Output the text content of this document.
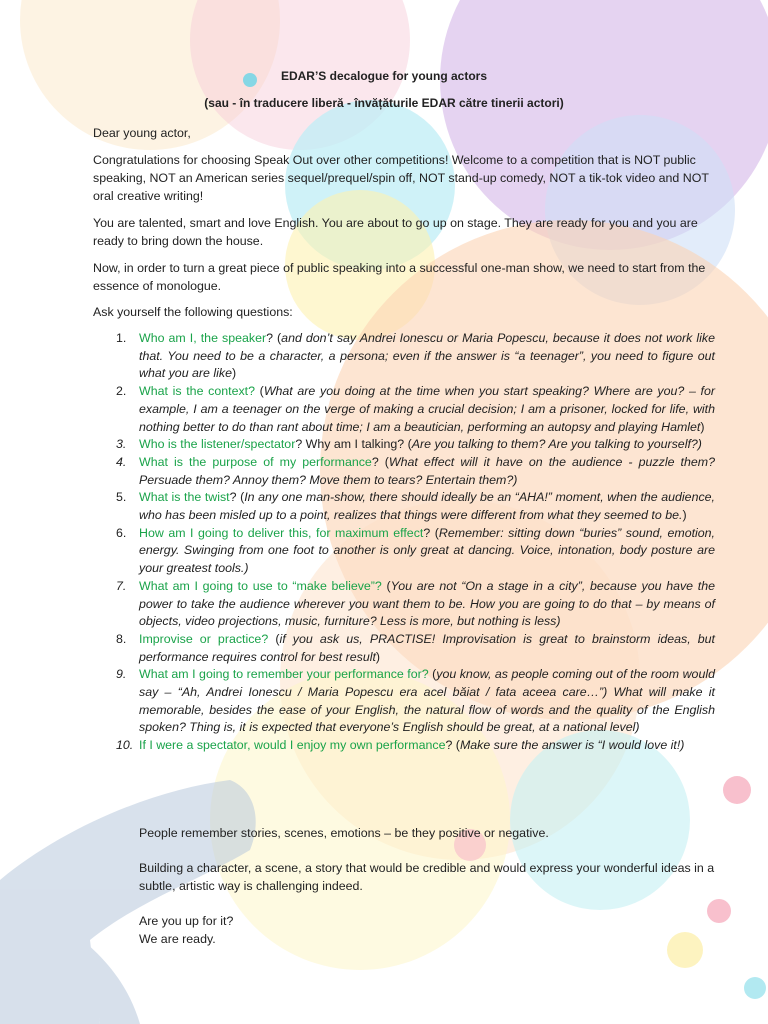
EDAR’S decalogue for young actors
(sau - în traducere liberă - învățăturile EDAR către tinerii actori)
Dear young actor,
Congratulations for choosing Speak Out over other competitions! Welcome to a competition that is NOT public speaking, NOT an American series sequel/prequel/spin off, NOT stand-up comedy, NOT a tik-tok video and NOT oral creative writing!
You are talented, smart and love English. You are about to go up on stage. They are ready for you and you are ready to bring down the house.
Now, in order to turn a great piece of public speaking into a successful one-man show, we need to start from the essence of monologue.
Ask yourself the following questions:
1. Who am I, the speaker? (and don’t say Andrei Ionescu or Maria Popescu, because it does not work like that. You need to be a character, a persona; even if the answer is “a teenager”, you need to figure out what you are like)
2. What is the context? (What are you doing at the time when you start speaking? Where are you? – for example, I am a teenager on the verge of making a crucial decision; I am a prisoner, locked for life, with nothing better to do than rant about time; I am a beautician, performing an autopsy and playing Hamlet)
3. Who is the listener/spectator? Why am I talking? (Are you talking to them? Are you talking to yourself?)
4. What is the purpose of my performance? (What effect will it have on the audience - puzzle them? Persuade them? Annoy them? Move them to tears? Entertain them?)
5. What is the twist? (In any one man-show, there should ideally be an “AHA!” moment, when the audience, who has been misled up to a point, realizes that things were different from what they seemed to be.)
6. How am I going to deliver this, for maximum effect? (Remember: sitting down “buries” sound, emotion, energy. Swinging from one foot to another is only great at dancing. Voice, intonation, body posture are your greatest tools.)
7. What am I going to use to “make believe”? (You are not “On a stage in a city”, because you have the power to take the audience wherever you want them to be. How you are going to do that – by means of objects, video projections, music, furniture? Less is more, but nothing is less)
8. Improvise or practice? (if you ask us, PRACTISE! Improvisation is great to brainstorm ideas, but performance requires control for best result)
9. What am I going to remember your performance for? (you know, as people coming out of the room would say – “Ah, Andrei Ionescu / Maria Popescu era acel băiat / fata aceea care…”) What will make it memorable, besides the ease of your English, the natural flow of words and the quality of the English spoken? Thing is, it is expected that everyone’s English should be great, at a national level)
10. If I were a spectator, would I enjoy my own performance? (Make sure the answer is “I would love it!)
People remember stories, scenes, emotions – be they positive or negative.
Building a character, a scene, a story that would be credible and would express your wonderful ideas in a subtle, artistic way is challenging indeed.
Are you up for it?
We are ready.
